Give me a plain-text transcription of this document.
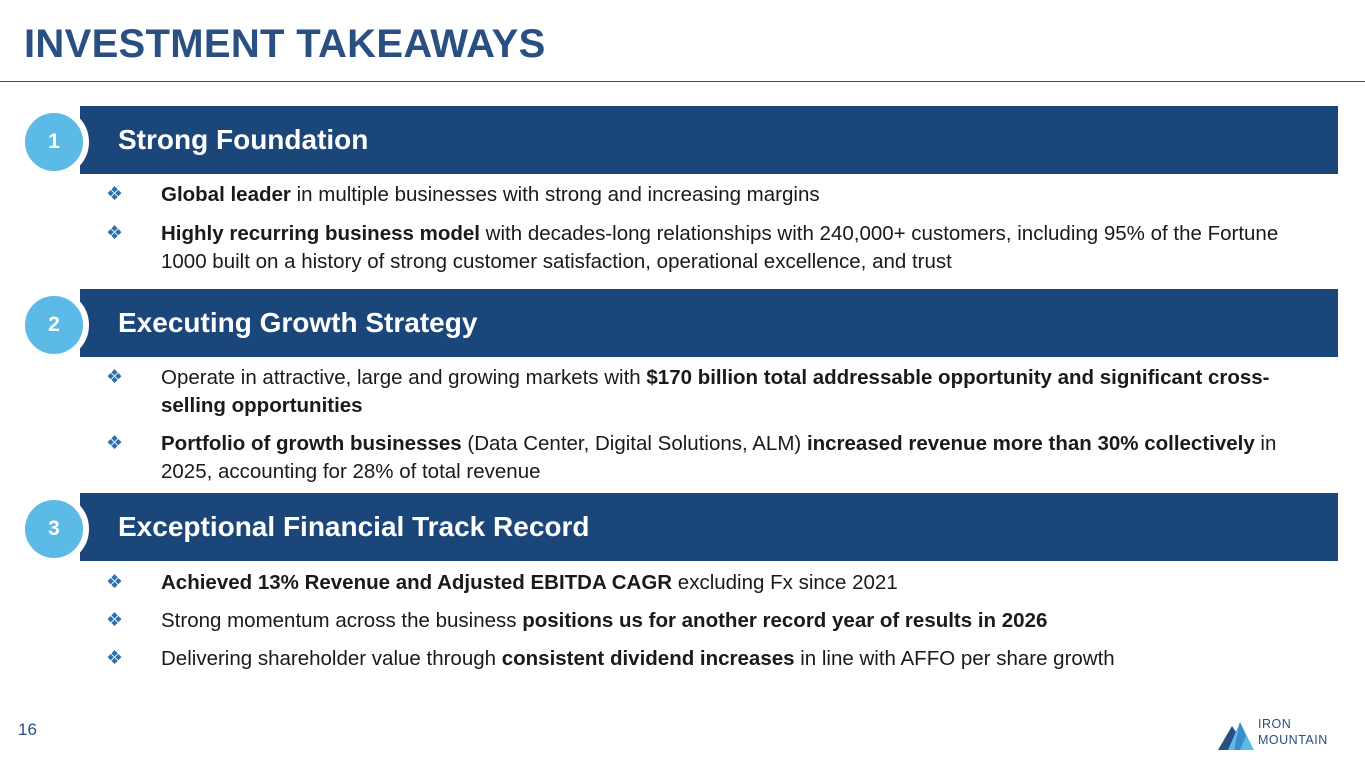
INVESTMENT TAKEAWAYS
Strong Foundation
1
❖ Global leader in multiple businesses with strong and increasing margins
❖ Highly recurring business model with decades-long relationships with 240,000+ customers, including 95% of the Fortune 1000 built on a history of strong customer satisfaction, operational excellence, and trust
Executing Growth Strategy
2
❖ Operate in attractive, large and growing markets with $170 billion total addressable opportunity and significant cross-selling opportunities
❖ Portfolio of growth businesses (Data Center, Digital Solutions, ALM) increased revenue more than 30% collectively in 2025, accounting for 28% of total revenue
Exceptional Financial Track Record
3
❖ Achieved 13% Revenue and Adjusted EBITDA CAGR excluding Fx since 2021
❖ Strong momentum across the business positions us for another record year of results in 2026
❖ Delivering shareholder value through consistent dividend increases in line with AFFO per share growth
16	IRON
MOUNTAIN
